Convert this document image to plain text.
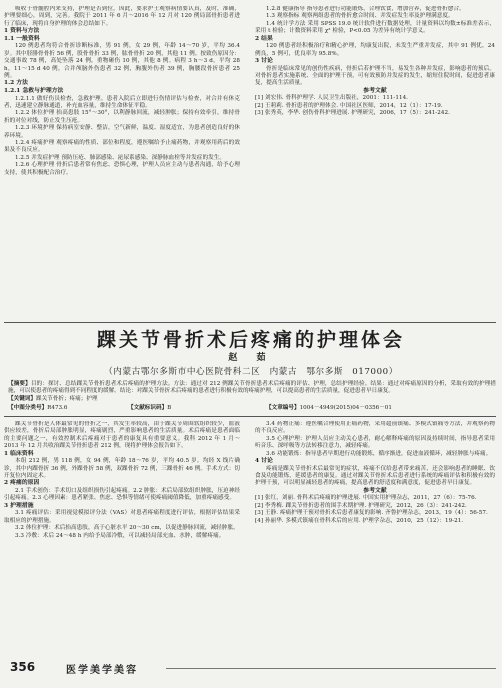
吸收于骨髓腔内来支持，护理是否到位，因此，要求护士观察病情要认真，及时，准确，护理要细心，周到，完善。我院于 2011 年 6 月～2016 年 12 月对 120 例局部骨折患者进行了临床，现将自身护理的体会总结如下。

1 资料与方法
1.1 一般资料

120 例患者均符合骨折诊断标准，男 91 例，女 29 例，年龄 14～70 岁，平均 36.4 岁。其中胫腓骨骨折 56 例，股骨骨折 33 例，肱骨骨折 20 例，其他 11 例。按致伤原因分：交通事故 78 例，高处坠落 24 例，重物砸伤 10 例，其他 8 例。病程 3 h～3 d，平均 28 h，11～15 d 40 例，合并颅脑外伤患者 32 例，胸腹外伤者 39 例，胸腰段骨折患者 25 例。

1.2 方法
1.2.1 急救与护理方法

1.2.1.1 做好伤员检查，急救护理。患者入院后立即进行伤情评估与检查，对合并有休克者，迅速建立静脉通道，补充血容量，维持生命体征平稳。

1.2.2 体位护理 抬高患肢 15°～30°，以利静脉回流，减轻肿胀；保持有效牵引，维持骨折的对位对线，防止发生压疮。

1.2.3 环境护理 保持病室安静、整洁，空气新鲜，温度、湿度适宜，为患者创造良好的休养环境。

1.2.4 疼痛护理 观察疼痛的性质、部位和程度，遵医嘱给予止痛药物，并观察用药后的效果及不良反应。

1.2.5 并发症护理 预防压疮、肺部感染、泌尿系感染、深静脉血栓等并发症的发生。

1.2.6 心理护理 骨折后患者常有焦虑、恐惧心理，护理人员应主动与患者沟通，给予心理支持，使其积极配合治疗。

1.2.8 健康指导 指导患者进行功能锻炼，合理饮食，增加营养，促进骨折愈合。

1.3 观察指标 观察两组患者的骨折愈合时间、并发症发生率及护理满意度。

1.4 统计学方法 采用 SPSS 19.0 统计软件进行数据处理，计量资料以均数±标准差表示，采用 t 检验；计数资料采用 χ² 检验，P<0.05 为差异有统计学意义。

2 结果

120 例患者经积极治疗和精心护理，均康复出院，未发生严重并发症，其中 91 例优，24 例良，5 例可，优良率为 95.8%。

3 讨论

骨折是临床常见的创伤性疾病，骨折后若护理不当，易发生各种并发症，影响患者的预后。对骨折患者实施系统、全面的护理干预，可有效预防并发症的发生，缩短住院时间，促进患者康复，提高生活质量。

参考文献

[1] 刘宏伟. 骨科护理学. 人民卫生出版社，2001：111-114.

[2] 王莉莉. 骨折患者的护理体会. 中国社区医师，2014，12（1）：17-19.

[3] 张秀英，李华. 创伤骨科护理进展. 护理研究，2006，17（5）：241-242.

踝关节骨折术后疼痛的护理体会

赵 茹

（内蒙古鄂尔多斯市中心医院骨科二区　内蒙古　鄂尔多斯　017000）

【摘要】目的：探讨、总结踝关节骨折患者术后疼痛的护理方法。方法：通过对 212 例踝关节骨折患者术后疼痛的评估、护理，总结护理经验。结果：通过对疼痛原因的分析，采取有效的护理措施，可以使患者的疼痛得到不同程度的缓解。结论：对踝关节骨折术后疼痛的患者进行积极有效的疼痛护理，可以提高患者的生活质量，促进患者早日康复。

【关键词】踝关节骨折；疼痛；护理

【中图分类号】R473.6	【文献标识码】B	【文章编号】1004－4949(2015)04－0356－01

踝关节骨折是人体最常见的骨折之一，其发生率较高，由于踝关节周围软组织较少，血液供应较差，骨折后局部肿胀明显，疼痛剧烈，严重影响患者的生活质量。术后疼痛是患者面临的主要问题之一，有效控制术后疼痛对于患者的康复具有重要意义。我科 2012 年 1 月～2013 年 12 月共收治踝关节骨折患者 212 例，现将护理体会报告如下。

1 临床资料

本组 212 例，男 118 例，女 94 例，年龄 18～76 岁，平均 40.5 岁。均经 X 线片确诊，其中内踝骨折 36 例，外踝骨折 58 例，双踝骨折 72 例，三踝骨折 46 例。手术方式：切开复位内固定术。

2 疼痛的原因

2.1 手术创伤：手术切口及组织损伤引起疼痛。2.2 肿胀：术后局部软组织肿胀，压迫神经引起疼痛。2.3 心理因素：患者紧张、焦虑、恐惧等情绪可使疼痛阈值降低，加重疼痛感受。

3 护理措施

3.1 疼痛评估：采用视觉模拟评分法（VAS）对患者疼痛程度进行评估，根据评估结果采取相应的护理措施。

3.2 体位护理：术后抬高患肢，高于心脏水平 20～30 cm，以促进静脉回流，减轻肿胀。

3.3 冷敷：术后 24～48 h 内给予局部冷敷，可以减轻局部充血、水肿，缓解疼痛。

3.4 药物止痛：遵医嘱合理使用止痛药物，采用超前镇痛、多模式镇痛等方法，并观察药物的不良反应。

3.5 心理护理：护理人员应主动关心患者，耐心解释疼痛的原因及持续时间，指导患者采用听音乐、深呼吸等方法转移注意力，减轻疼痛。

3.6 功能锻炼：指导患者早期进行功能锻炼，循序渐进，促进血液循环，减轻肿胀与疼痛。

4 讨论

疼痛是踝关节骨折术后最常见的症状，疼痛不仅给患者带来痛苦，还会影响患者的睡眠、饮食及功能锻炼，延缓患者的康复。通过对踝关节骨折术后患者进行系统的疼痛评估和积极有效的护理干预，可以明显减轻患者的疼痛，提高患者的舒适度和满意度，促进患者早日康复。

参考文献

[1] 张红，刘丽. 骨科术后疼痛的护理进展. 中国实用护理杂志，2011，27（6）：75-76.

[2] 李秀梅. 踝关节骨折患者的围手术期护理. 护理研究，2012，26（3）：241-242.

[3] 王静. 疼痛护理干预对骨折术后患者康复的影响. 齐鲁护理杂志，2013，19（4）：56-57.

[4] 孙丽华. 多模式镇痛在骨科术后的应用. 护理学杂志，2010，25（12）：19-21.

356	医学美学美容
